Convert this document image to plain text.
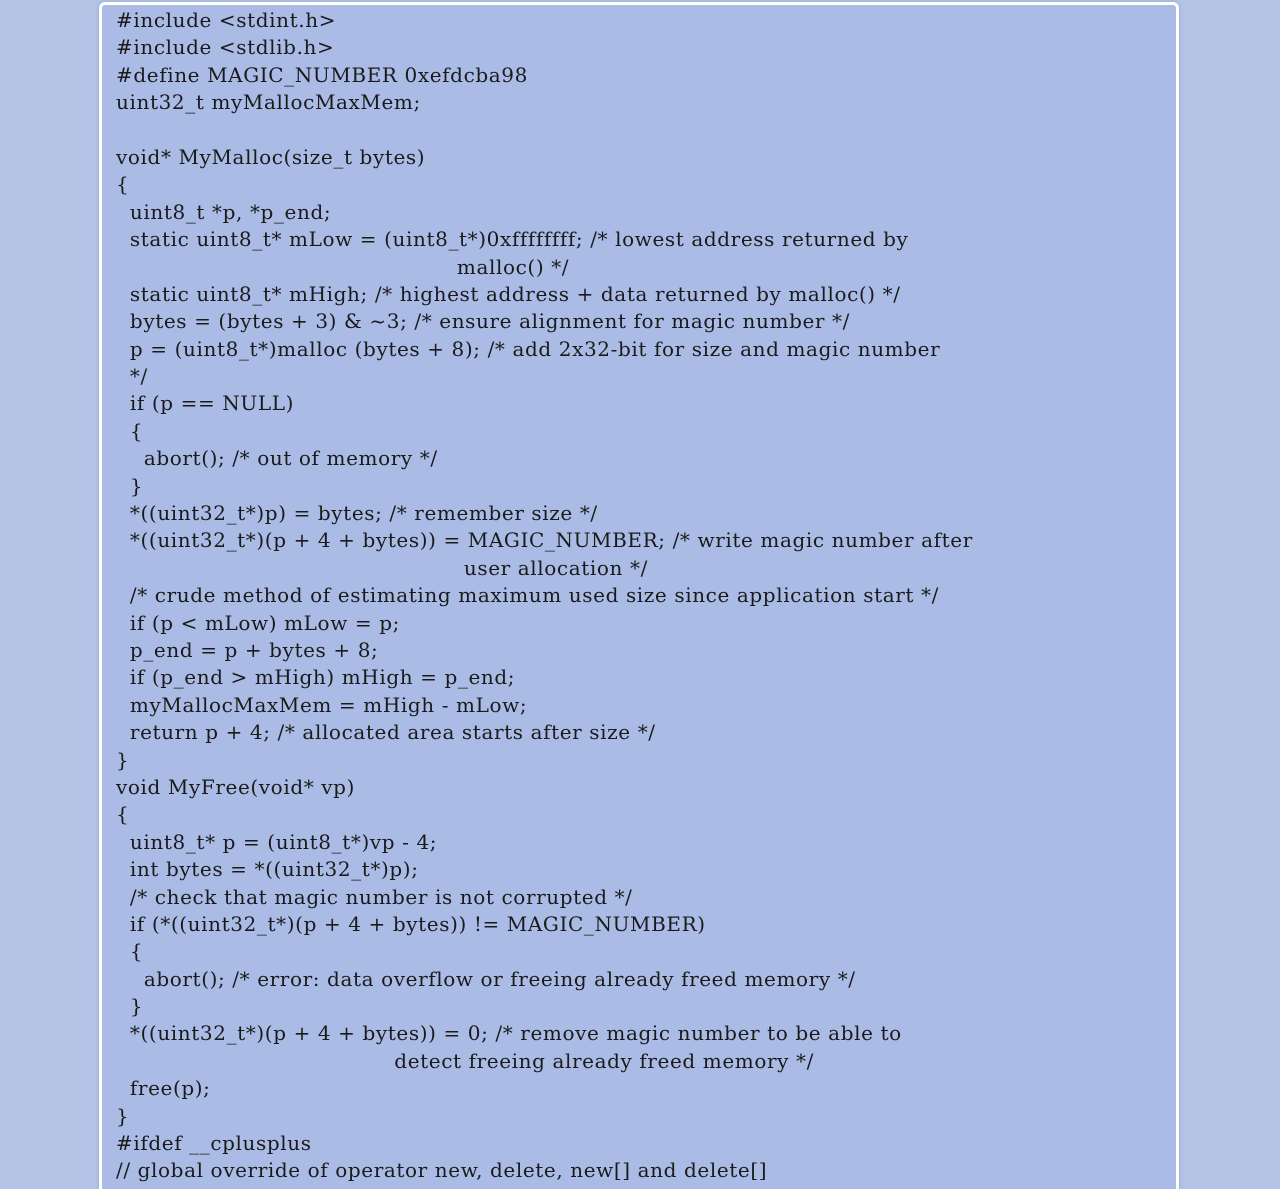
#include <stdint.h>
#include <stdlib.h>
#define MAGIC_NUMBER 0xefdcba98
uint32_t myMallocMaxMem;
void* MyMalloc(size_t bytes)
{
uint8_t *p, *p_end;
static uint8_t* mLow = (uint8_t*)0xffffffff; /* lowest address returned by
malloc() */
static uint8_t* mHigh; /* highest address + data returned by malloc() */
bytes = (bytes + 3) & ~3; /* ensure alignment for magic number */
p = (uint8_t*)malloc (bytes + 8); /* add 2x32-bit for size and magic number
*/
if (p == NULL)
{
abort(); /* out of memory */
}
*((uint32_t*)p) = bytes; /* remember size */
*((uint32_t*)(p + 4 + bytes)) = MAGIC_NUMBER; /* write magic number after
user allocation */
/* crude method of estimating maximum used size since application start */
if (p < mLow) mLow = p;
p_end = p + bytes + 8;
if (p_end > mHigh) mHigh = p_end;
myMallocMaxMem = mHigh - mLow;
return p + 4; /* allocated area starts after size */
}
void MyFree(void* vp)
{
uint8_t* p = (uint8_t*)vp - 4;
int bytes = *((uint32_t*)p);
/* check that magic number is not corrupted */
if (*((uint32_t*)(p + 4 + bytes)) != MAGIC_NUMBER)
{
abort(); /* error: data overflow or freeing already freed memory */
}
*((uint32_t*)(p + 4 + bytes)) = 0; /* remove magic number to be able to
detect freeing already freed memory */
free(p);
}
#ifdef __cplusplus
// global override of operator new, delete, new[] and delete[]
